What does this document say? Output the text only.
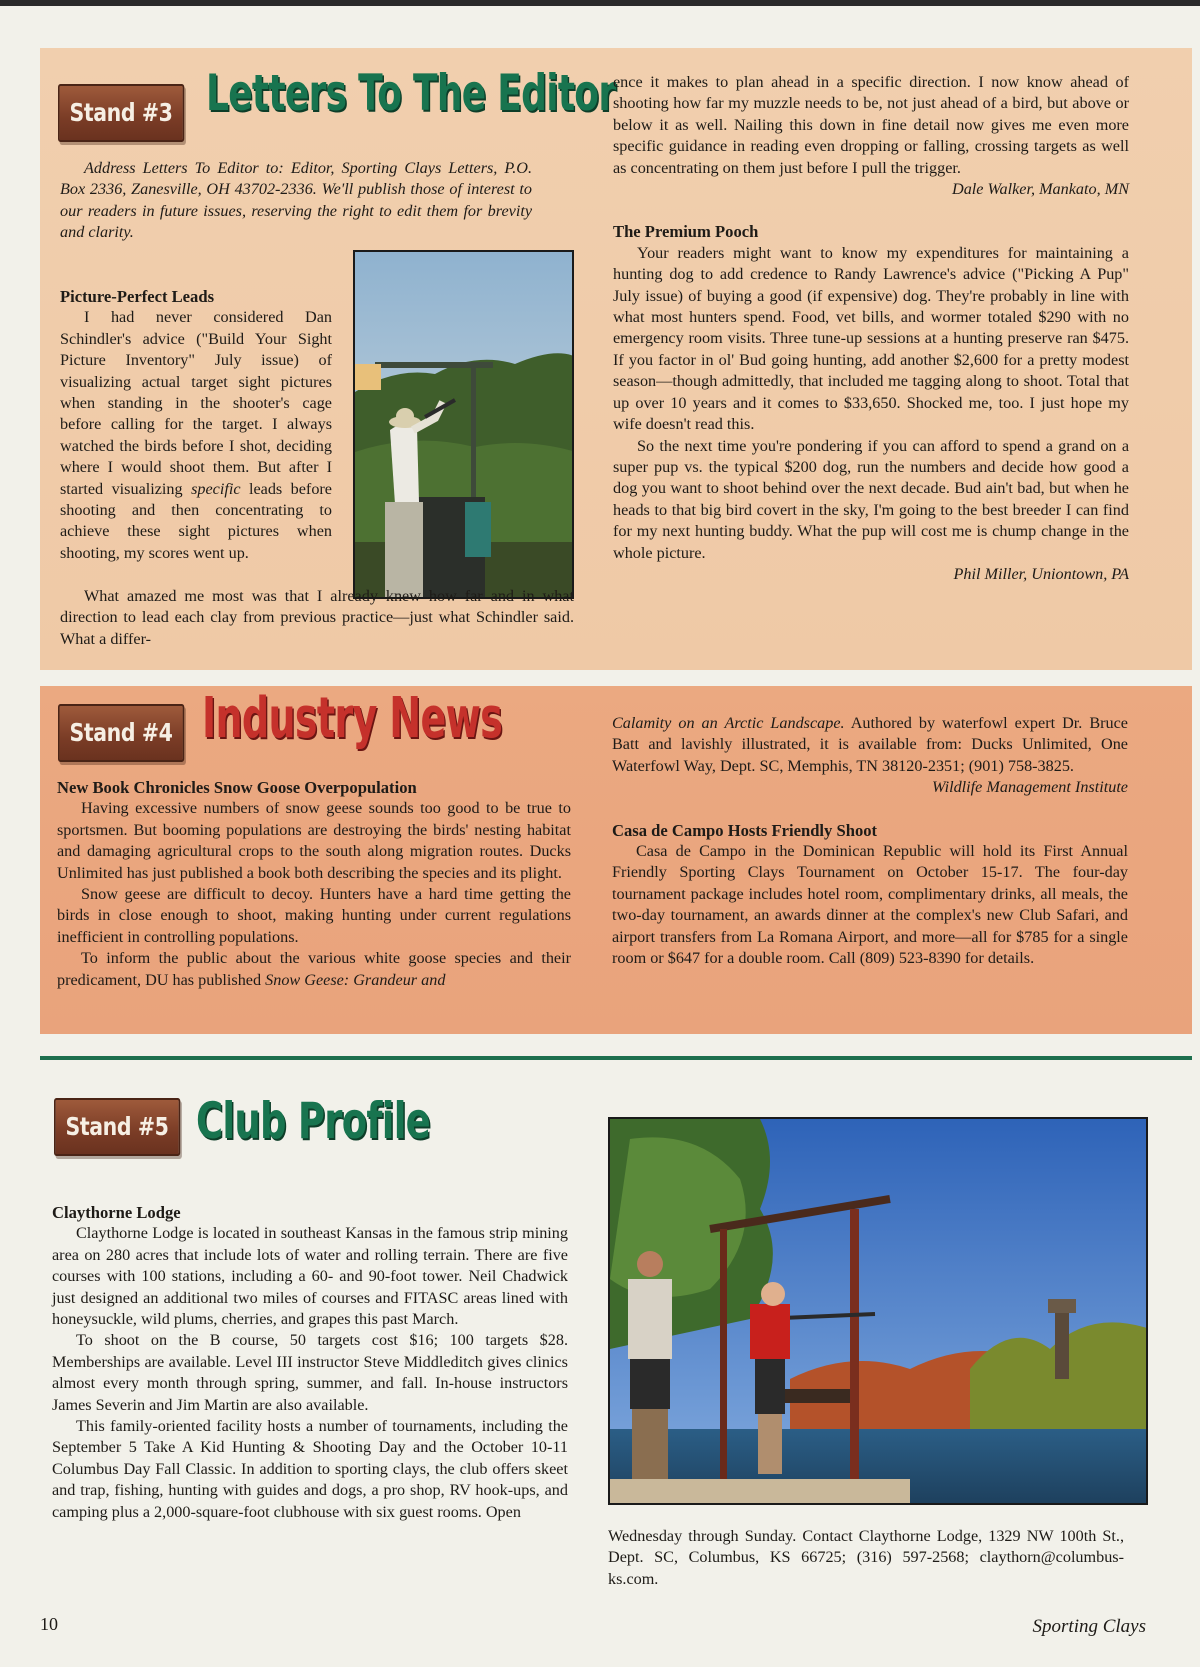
Stand #3 Letters To The Editor

Address Letters To Editor to: Editor, Sporting Clays Letters, P.O. Box 2336, Zanesville, OH 43702-2336. We'll publish those of interest to our readers in future issues, reserving the right to edit them for brevity and clarity.

Picture-Perfect Leads

I had never considered Dan Schindler's advice ("Build Your Sight Picture Inventory" July issue) of visualizing actual target sight pictures when standing in the shooter's cage before calling for the target. I always watched the birds before I shot, deciding where I would shoot them. But after I started visualizing specific leads before shooting and then concentrating to achieve these sight pictures when shooting, my scores went up.

What amazed me most was that I already knew how far and in what direction to lead each clay from previous practice—just what Schindler said. What a differ-

ence it makes to plan ahead in a specific direction. I now know ahead of shooting how far my muzzle needs to be, not just ahead of a bird, but above or below it as well. Nailing this down in fine detail now gives me even more specific guidance in reading even dropping or falling, crossing targets as well as concentrating on them just before I pull the trigger.

Dale Walker, Mankato, MN

The Premium Pooch

Your readers might want to know my expenditures for maintaining a hunting dog to add credence to Randy Lawrence's advice ("Picking A Pup" July issue) of buying a good (if expensive) dog. They're probably in line with what most hunters spend. Food, vet bills, and wormer totaled $290 with no emergency room visits. Three tune-up sessions at a hunting preserve ran $475. If you factor in ol' Bud going hunting, add another $2,600 for a pretty modest season—though admittedly, that included me tagging along to shoot. Total that up over 10 years and it comes to $33,650. Shocked me, too. I just hope my wife doesn't read this.

So the next time you're pondering if you can afford to spend a grand on a super pup vs. the typical $200 dog, run the numbers and decide how good a dog you want to shoot behind over the next decade. Bud ain't bad, but when he heads to that big bird covert in the sky, I'm going to the best breeder I can find for my next hunting buddy. What the pup will cost me is chump change in the whole picture.

Phil Miller, Uniontown, PA

Stand #4 Industry News
New Book Chronicles Snow Goose Overpopulation

Having excessive numbers of snow geese sounds too good to be true to sportsmen. But booming populations are destroying the birds' nesting habitat and damaging agricultural crops to the south along migration routes. Ducks Unlimited has just published a book both describing the species and its plight.

Snow geese are difficult to decoy. Hunters have a hard time getting the birds in close enough to shoot, making hunting under current regulations inefficient in controlling populations.

To inform the public about the various white goose species and their predicament, DU has published Snow Geese: Grandeur and

Calamity on an Arctic Landscape. Authored by waterfowl expert Dr. Bruce Batt and lavishly illustrated, it is available from: Ducks Unlimited, One Waterfowl Way, Dept. SC, Memphis, TN 38120-2351; (901) 758-3825.

Wildlife Management Institute

Casa de Campo Hosts Friendly Shoot

Casa de Campo in the Dominican Republic will hold its First Annual Friendly Sporting Clays Tournament on October 15-17. The four-day tournament package includes hotel room, complimentary drinks, all meals, the two-day tournament, an awards dinner at the complex's new Club Safari, and airport transfers from La Romana Airport, and more—all for $785 for a single room or $647 for a double room. Call (809) 523-8390 for details.

Stand #5 Club Profile
Claythorne Lodge

Claythorne Lodge is located in southeast Kansas in the famous strip mining area on 280 acres that include lots of water and rolling terrain. There are five courses with 100 stations, including a 60- and 90-foot tower. Neil Chadwick just designed an additional two miles of courses and FITASC areas lined with honeysuckle, wild plums, cherries, and grapes this past March.

To shoot on the B course, 50 targets cost $16; 100 targets $28. Memberships are available. Level III instructor Steve Middleditch gives clinics almost every month through spring, summer, and fall. In-house instructors James Severin and Jim Martin are also available.

This family-oriented facility hosts a number of tournaments, including the September 5 Take A Kid Hunting & Shooting Day and the October 10-11 Columbus Day Fall Classic. In addition to sporting clays, the club offers skeet and trap, fishing, hunting with guides and dogs, a pro shop, RV hook-ups, and camping plus a 2,000-square-foot clubhouse with six guest rooms. Open

Wednesday through Sunday. Contact Claythorne Lodge, 1329 NW 100th St., Dept. SC, Columbus, KS 66725; (316) 597-2568; claythorn@columbus-ks.com.

10	Sporting Clays
